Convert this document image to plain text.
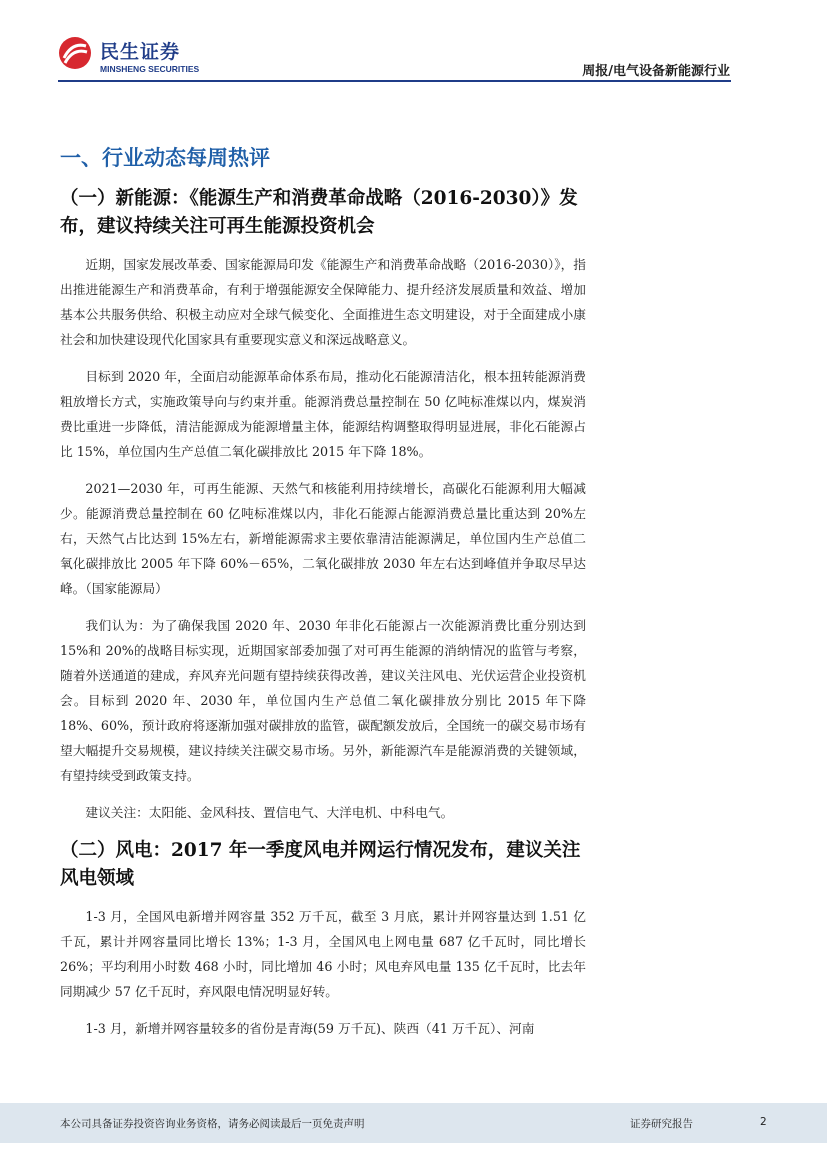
民生证券
MINSHENG SECURITIES	周报/电气设备新能源行业
一、行业动态每周热评
（一）新能源：《能源生产和消费革命战略（2016-2030）》发布，建议持续关注可再生能源投资机会

近期，国家发展改革委、国家能源局印发《能源生产和消费革命战略（2016-2030）》，指出推进能源生产和消费革命，有利于增强能源安全保障能力、提升经济发展质量和效益、增加基本公共服务供给、积极主动应对全球气候变化、全面推进生态文明建设，对于全面建成小康社会和加快建设现代化国家具有重要现实意义和深远战略意义。

目标到 2020 年，全面启动能源革命体系布局，推动化石能源清洁化，根本扭转能源消费粗放增长方式，实施政策导向与约束并重。能源消费总量控制在 50 亿吨标准煤以内，煤炭消费比重进一步降低，清洁能源成为能源增量主体，能源结构调整取得明显进展，非化石能源占比 15%，单位国内生产总值二氧化碳排放比 2015 年下降 18%。

2021—2030 年，可再生能源、天然气和核能利用持续增长，高碳化石能源利用大幅减少。能源消费总量控制在 60 亿吨标准煤以内，非化石能源占能源消费总量比重达到 20%左右，天然气占比达到 15%左右，新增能源需求主要依靠清洁能源满足，单位国内生产总值二氧化碳排放比 2005 年下降 60%－65%，二氧化碳排放 2030 年左右达到峰值并争取尽早达峰。（国家能源局）

我们认为：为了确保我国 2020 年、2030 年非化石能源占一次能源消费比重分别达到 15%和 20%的战略目标实现，近期国家部委加强了对可再生能源的消纳情况的监管与考察，随着外送通道的建成，弃风弃光问题有望持续获得改善，建议关注风电、光伏运营企业投资机会。目标到 2020 年、2030 年，单位国内生产总值二氧化碳排放分别比 2015 年下降 18%、60%，预计政府将逐渐加强对碳排放的监管，碳配额发放后，全国统一的碳交易市场有望大幅提升交易规模，建议持续关注碳交易市场。另外，新能源汽车是能源消费的关键领域，有望持续受到政策支持。

建议关注：太阳能、金风科技、置信电气、大洋电机、中科电气。

（二）风电：2017 年一季度风电并网运行情况发布，建议关注风电领域

1-3 月，全国风电新增并网容量 352 万千瓦，截至 3 月底，累计并网容量达到 1.51 亿千瓦，累计并网容量同比增长 13%；1-3 月，全国风电上网电量 687 亿千瓦时，同比增长 26%；平均利用小时数 468 小时，同比增加 46 小时；风电弃风电量 135 亿千瓦时，比去年同期减少 57 亿千瓦时，弃风限电情况明显好转。

1-3 月，新增并网容量较多的省份是青海(59 万千瓦)、陕西（41 万千瓦）、河南

本公司具备证券投资咨询业务资格，请务必阅读最后一页免责声明	证券研究报告	2
